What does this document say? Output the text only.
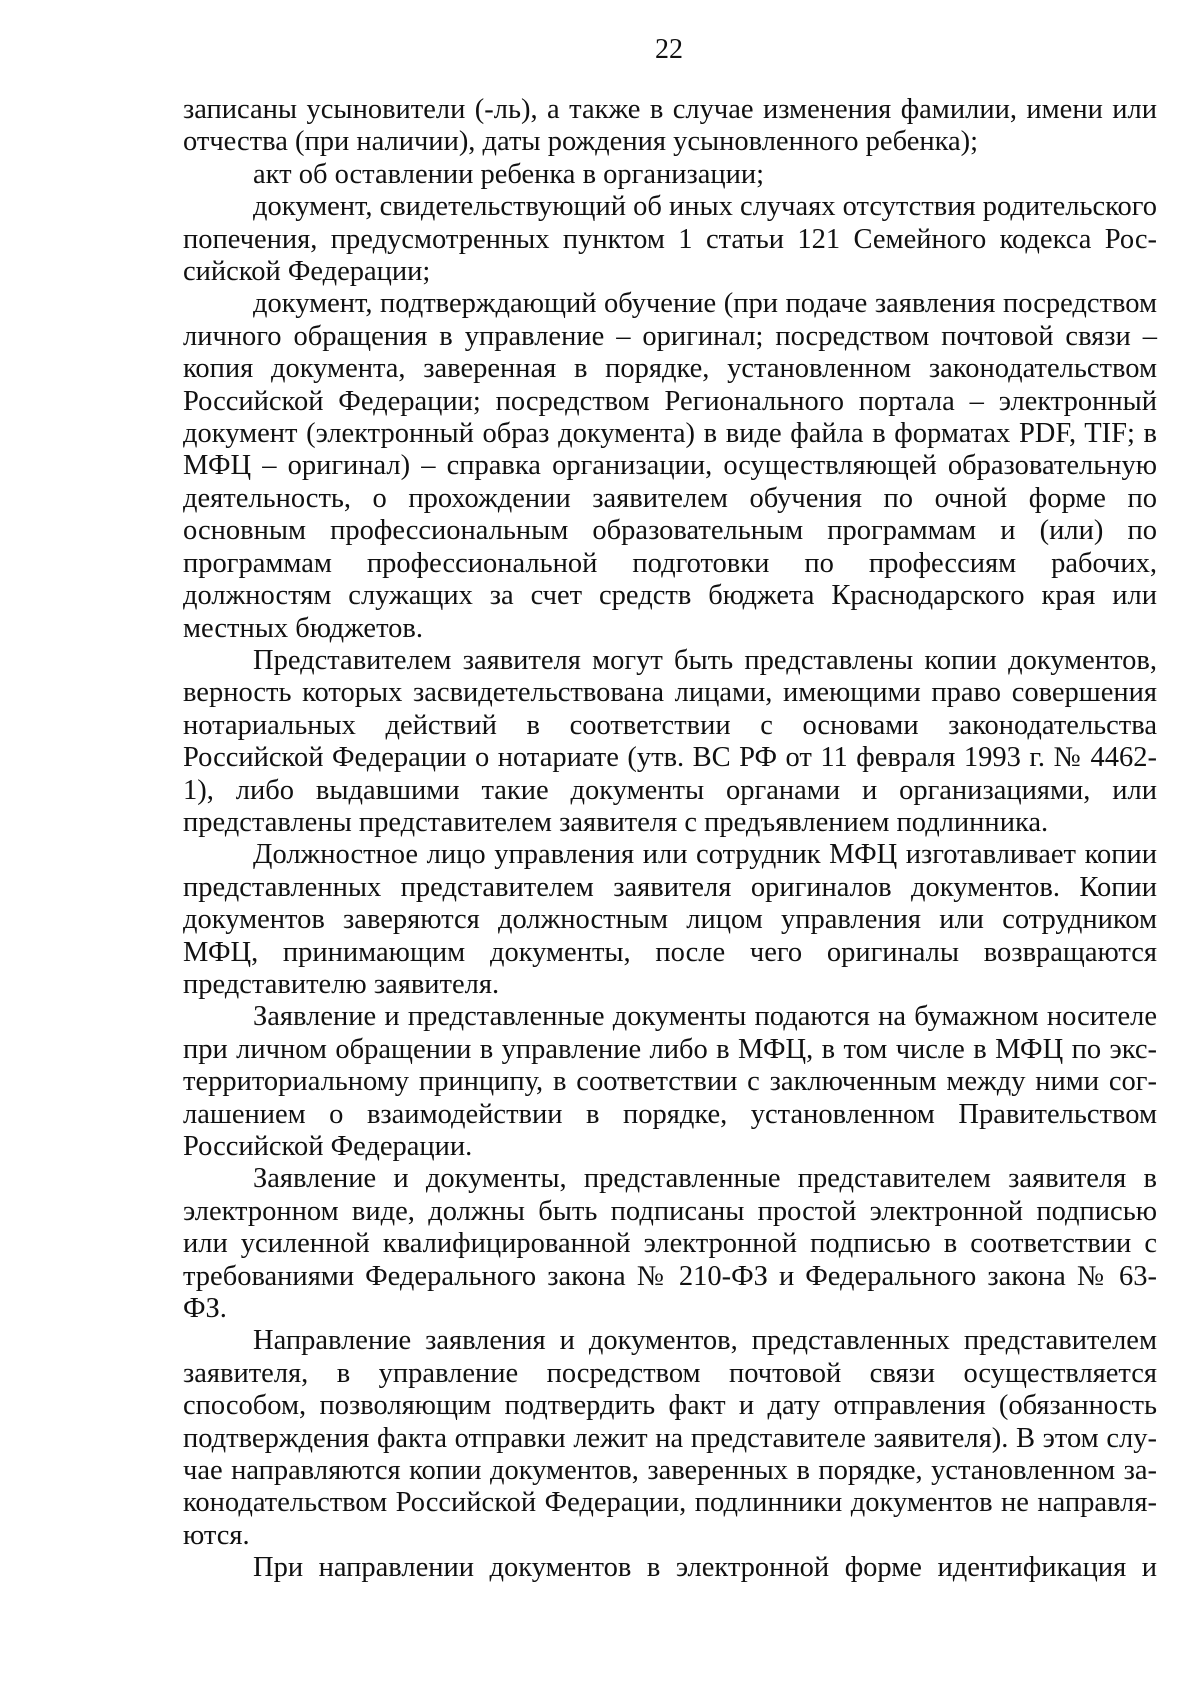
22

записаны усыновители (-ль), а также в случае изменения фамилии, имени или отчества (при наличии), даты рождения усыновленного ребенка);

акт об оставлении ребенка в организации;

документ, свидетельствующий об иных случаях отсутствия родительского попечения, предусмотренных пунктом 1 статьи 121 Семейного кодекса Российской Федерации;

документ, подтверждающий обучение (при подаче заявления посредством личного обращения в управление – оригинал; посредством почтовой связи – копия документа, заверенная в порядке, установленном законодательством Российской Федерации; посредством Регионального портала – электронный документ (электронный образ документа) в виде файла в форматах PDF, TIF; в МФЦ – оригинал) – справка организации, осуществляющей образовательную деятельность, о прохождении заявителем обучения по очной форме по основным профессиональным образовательным программам и (или) по программам профессиональной подготовки по профессиям рабочих, должностям служащих за счет средств бюджета Краснодарского края или местных бюджетов.

Представителем заявителя могут быть представлены копии документов, верность которых засвидетельствована лицами, имеющими право совершения нотариальных действий в соответствии с основами законодательства Российской Федерации о нотариате (утв. ВС РФ от 11 февраля 1993 г. № 4462-1), либо выдавшими такие документы органами и организациями, или представлены представителем заявителя с предъявлением подлинника.

Должностное лицо управления или сотрудник МФЦ изготавливает копии представленных представителем заявителя оригиналов документов. Копии документов заверяются должностным лицом управления или сотрудником МФЦ, принимающим документы, после чего оригиналы возвращаются представителю заявителя.

Заявление и представленные документы подаются на бумажном носителе при личном обращении в управление либо в МФЦ, в том числе в МФЦ по экстерриториальному принципу, в соответствии с заключенным между ними соглашением о взаимодействии в порядке, установленном Правительством Российской Федерации.

Заявление и документы, представленные представителем заявителя в электронном виде, должны быть подписаны простой электронной подписью или усиленной квалифицированной электронной подписью в соответствии с требованиями Федерального закона № 210-ФЗ и Федерального закона № 63-ФЗ.

Направление заявления и документов, представленных представителем заявителя, в управление посредством почтовой связи осуществляется способом, позволяющим подтвердить факт и дату отправления (обязанность подтверждения факта отправки лежит на представителе заявителя). В этом случае направляются копии документов, заверенных в порядке, установленном законодательством Российской Федерации, подлинники документов не направляются.

При направлении документов в электронной форме идентификация и
